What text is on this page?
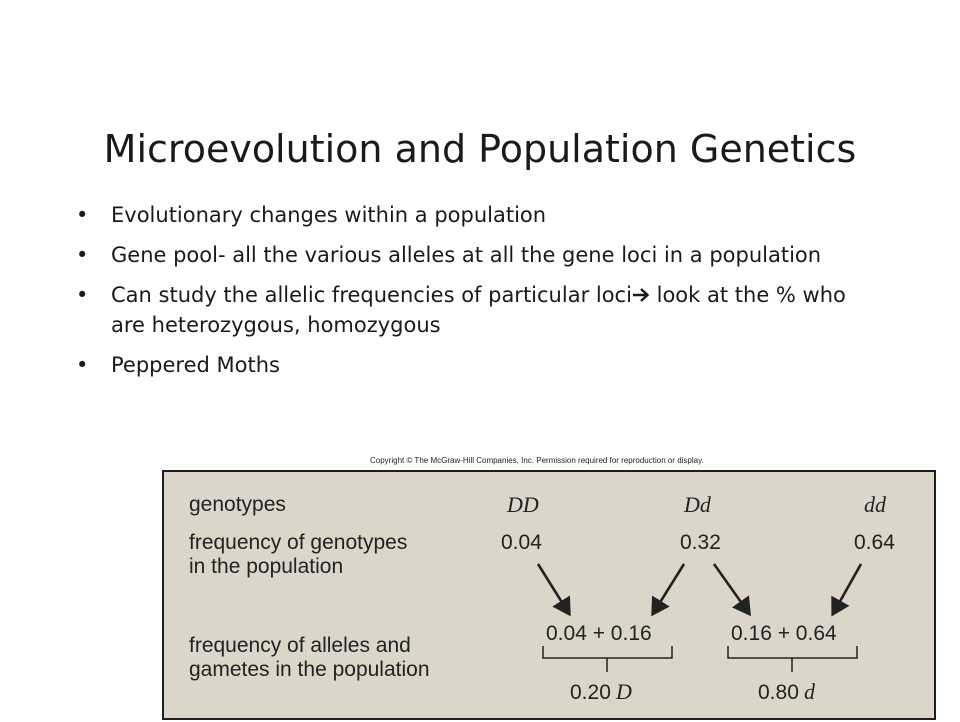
Microevolution and Population Genetics
• Evolutionary changes within a population
• Gene pool- all the various alleles at all the gene loci in a population
• Can study the allelic frequencies of particular loci look at the % who are heterozygous, homozygous
• Peppered Moths
Copyright © The McGraw-Hill Companies, Inc. Permission required for reproduction or display.
genotypes	DD	Dd	dd
frequency of genotypes
in the population
0.04	0.32	0.64
frequency of alleles and
gametes in the population
0.04 + 0.16	0.16 + 0.64
0.20 D	0.80 d
